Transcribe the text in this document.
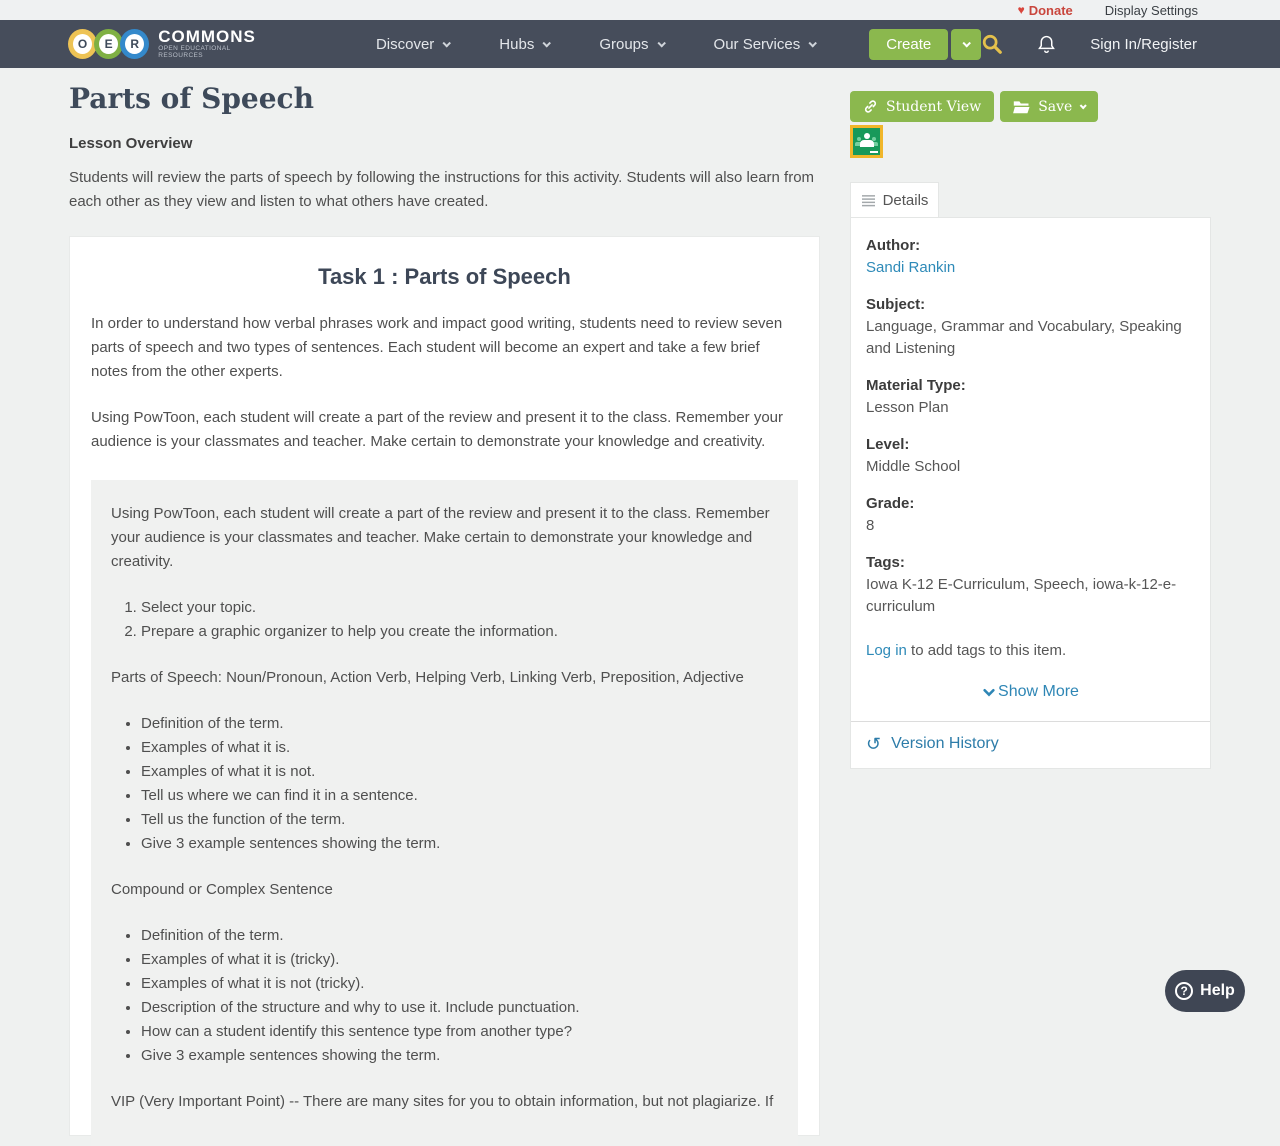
♥ Donate Display Settings
O E R COMMONS
OPEN EDUCATIONAL RESOURCES
Discover	Hubs	Groups	Our Services	Create	Sign In/Register
Parts of Speech
Lesson Overview
Students will review the parts of speech by following the instructions for this activity. Students will also learn from each other as they view and listen to what others have created.
Task 1 : Parts of Speech

In order to understand how verbal phrases work and impact good writing, students need to review seven parts of speech and two types of sentences. Each student will become an expert and take a few brief notes from the other experts.

Using PowToon, each student will create a part of the review and present it to the class. Remember your audience is your classmates and teacher. Make certain to demonstrate your knowledge and creativity.

Using PowToon, each student will create a part of the review and present it to the class. Remember your audience is your classmates and teacher. Make certain to demonstrate your knowledge and creativity.

1. Select your topic.
2. Prepare a graphic organizer to help you create the information.

Parts of Speech: Noun/Pronoun, Action Verb, Helping Verb, Linking Verb, Preposition, Adjective

• Definition of the term.
• Examples of what it is.
• Examples of what it is not.
• Tell us where we can find it in a sentence.
• Tell us the function of the term.
• Give 3 example sentences showing the term.

Compound or Complex Sentence

• Definition of the term.
• Examples of what it is (tricky).
• Examples of what it is not (tricky).
• Description of the structure and why to use it. Include punctuation.
• How can a student identify this sentence type from another type?
• Give 3 example sentences showing the term.

VIP (Very Important Point) -- There are many sites for you to obtain information, but not plagiarize. If

Student View	Save
Details
Author:
Sandi Rankin
Subject:
Language, Grammar and Vocabulary, Speaking and Listening
Material Type:
Lesson Plan
Level:
Middle School
Grade:
8
Tags:
Iowa K-12 E-Curriculum, Speech, iowa-k-12-e-curriculum
Log in to add tags to this item.
Show More
↺ Version History
? Help
